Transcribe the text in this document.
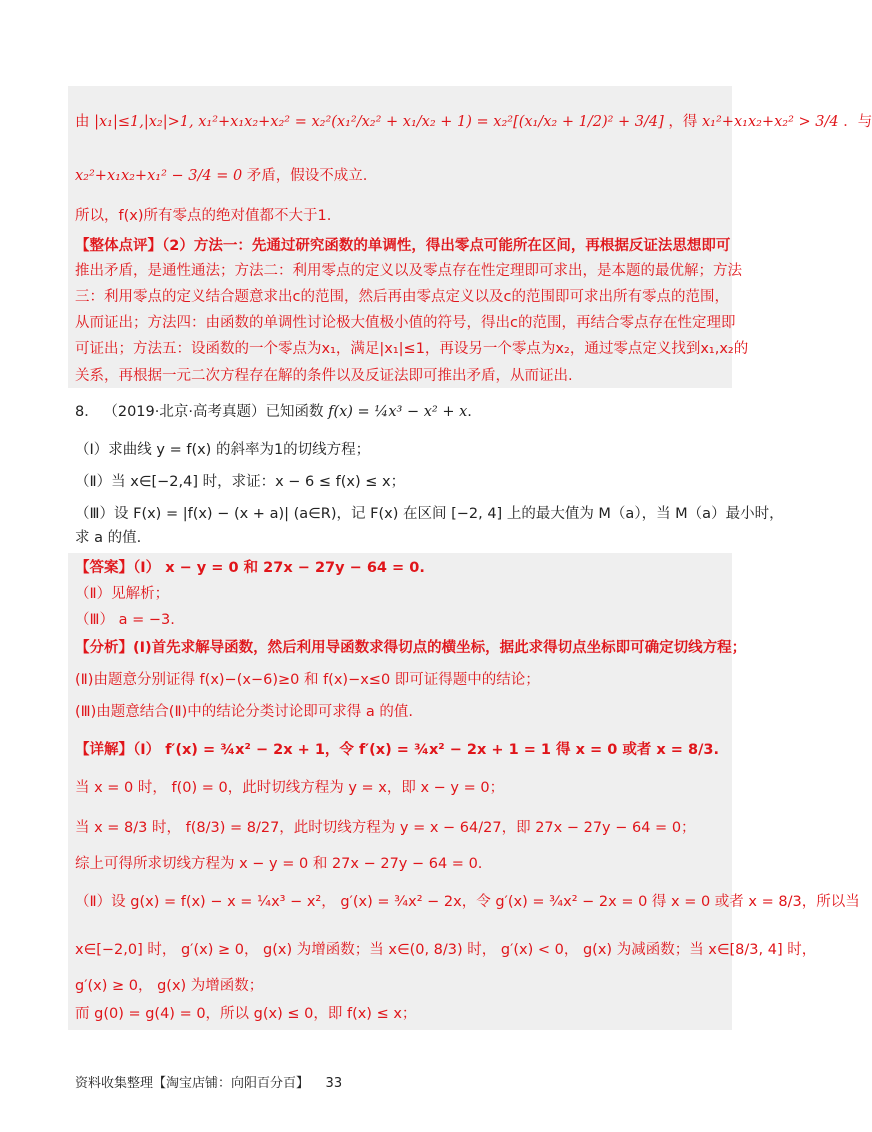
由 |x₁|≤1,|x₂|>1, x₁²+x₁x₂+x₂² = x₂²(x₁²/x₂² + x₁/x₂ + 1) = x₂²[(x₁/x₂ + 1/2)² + 3/4] ，得 x₁²+x₁x₂+x₂² > 3/4 ．与
x₂²+x₁x₂+x₁² − 3/4 = 0 矛盾，假设不成立.
所以，f(x)所有零点的绝对值都不大于1.
【整体点评】（2）方法一：先通过研究函数的单调性，得出零点可能所在区间，再根据反证法思想即可
推出矛盾，是通性通法；方法二：利用零点的定义以及零点存在性定理即可求出，是本题的最优解；方法
三：利用零点的定义结合题意求出c的范围，然后再由零点定义以及c的范围即可求出所有零点的范围，
从而证出；方法四：由函数的单调性讨论极大值极小值的符号，得出c的范围，再结合零点存在性定理即
可证出；方法五：设函数的一个零点为x₁，满足|x₁|≤1，再设另一个零点为x₂，通过零点定义找到x₁,x₂的
关系，再根据一元二次方程存在解的条件以及反证法即可推出矛盾，从而证出.
8． （2019·北京·高考真题）已知函数 f(x) = ¼x³ − x² + x.
（Ⅰ）求曲线 y = f(x) 的斜率为1的切线方程；
（Ⅱ）当 x∈[−2,4] 时，求证：x − 6 ≤ f(x) ≤ x；
（Ⅲ）设 F(x) = |f(x) − (x + a)| (a∈R)，记 F(x) 在区间 [−2, 4] 上的最大值为 M（a），当 M（a）最小时，
求 a 的值.
【答案】（Ⅰ） x − y = 0 和 27x − 27y − 64 = 0.
（Ⅱ）见解析；
（Ⅲ） a = −3.
【分析】(Ⅰ)首先求解导函数，然后利用导函数求得切点的横坐标，据此求得切点坐标即可确定切线方程；
(Ⅱ)由题意分别证得 f(x)−(x−6)≥0 和 f(x)−x≤0 即可证得题中的结论；
(Ⅲ)由题意结合(Ⅱ)中的结论分类讨论即可求得 a 的值.
【详解】（Ⅰ） f′(x) = ¾x² − 2x + 1，令 f′(x) = ¾x² − 2x + 1 = 1 得 x = 0 或者 x = 8/3.
当 x = 0 时， f(0) = 0，此时切线方程为 y = x，即 x − y = 0；
当 x = 8/3 时， f(8/3) = 8/27，此时切线方程为 y = x − 64/27，即 27x − 27y − 64 = 0；
综上可得所求切线方程为 x − y = 0 和 27x − 27y − 64 = 0.
（Ⅱ）设 g(x) = f(x) − x = ¼x³ − x²， g′(x) = ¾x² − 2x，令 g′(x) = ¾x² − 2x = 0 得 x = 0 或者 x = 8/3，所以当
x∈[−2,0] 时， g′(x) ≥ 0， g(x) 为增函数；当 x∈(0, 8/3) 时， g′(x) < 0， g(x) 为减函数；当 x∈[8/3, 4] 时，
g′(x) ≥ 0， g(x) 为增函数；
而 g(0) = g(4) = 0，所以 g(x) ≤ 0，即 f(x) ≤ x；
资料收集整理【淘宝店铺：向阳百分百】 33
